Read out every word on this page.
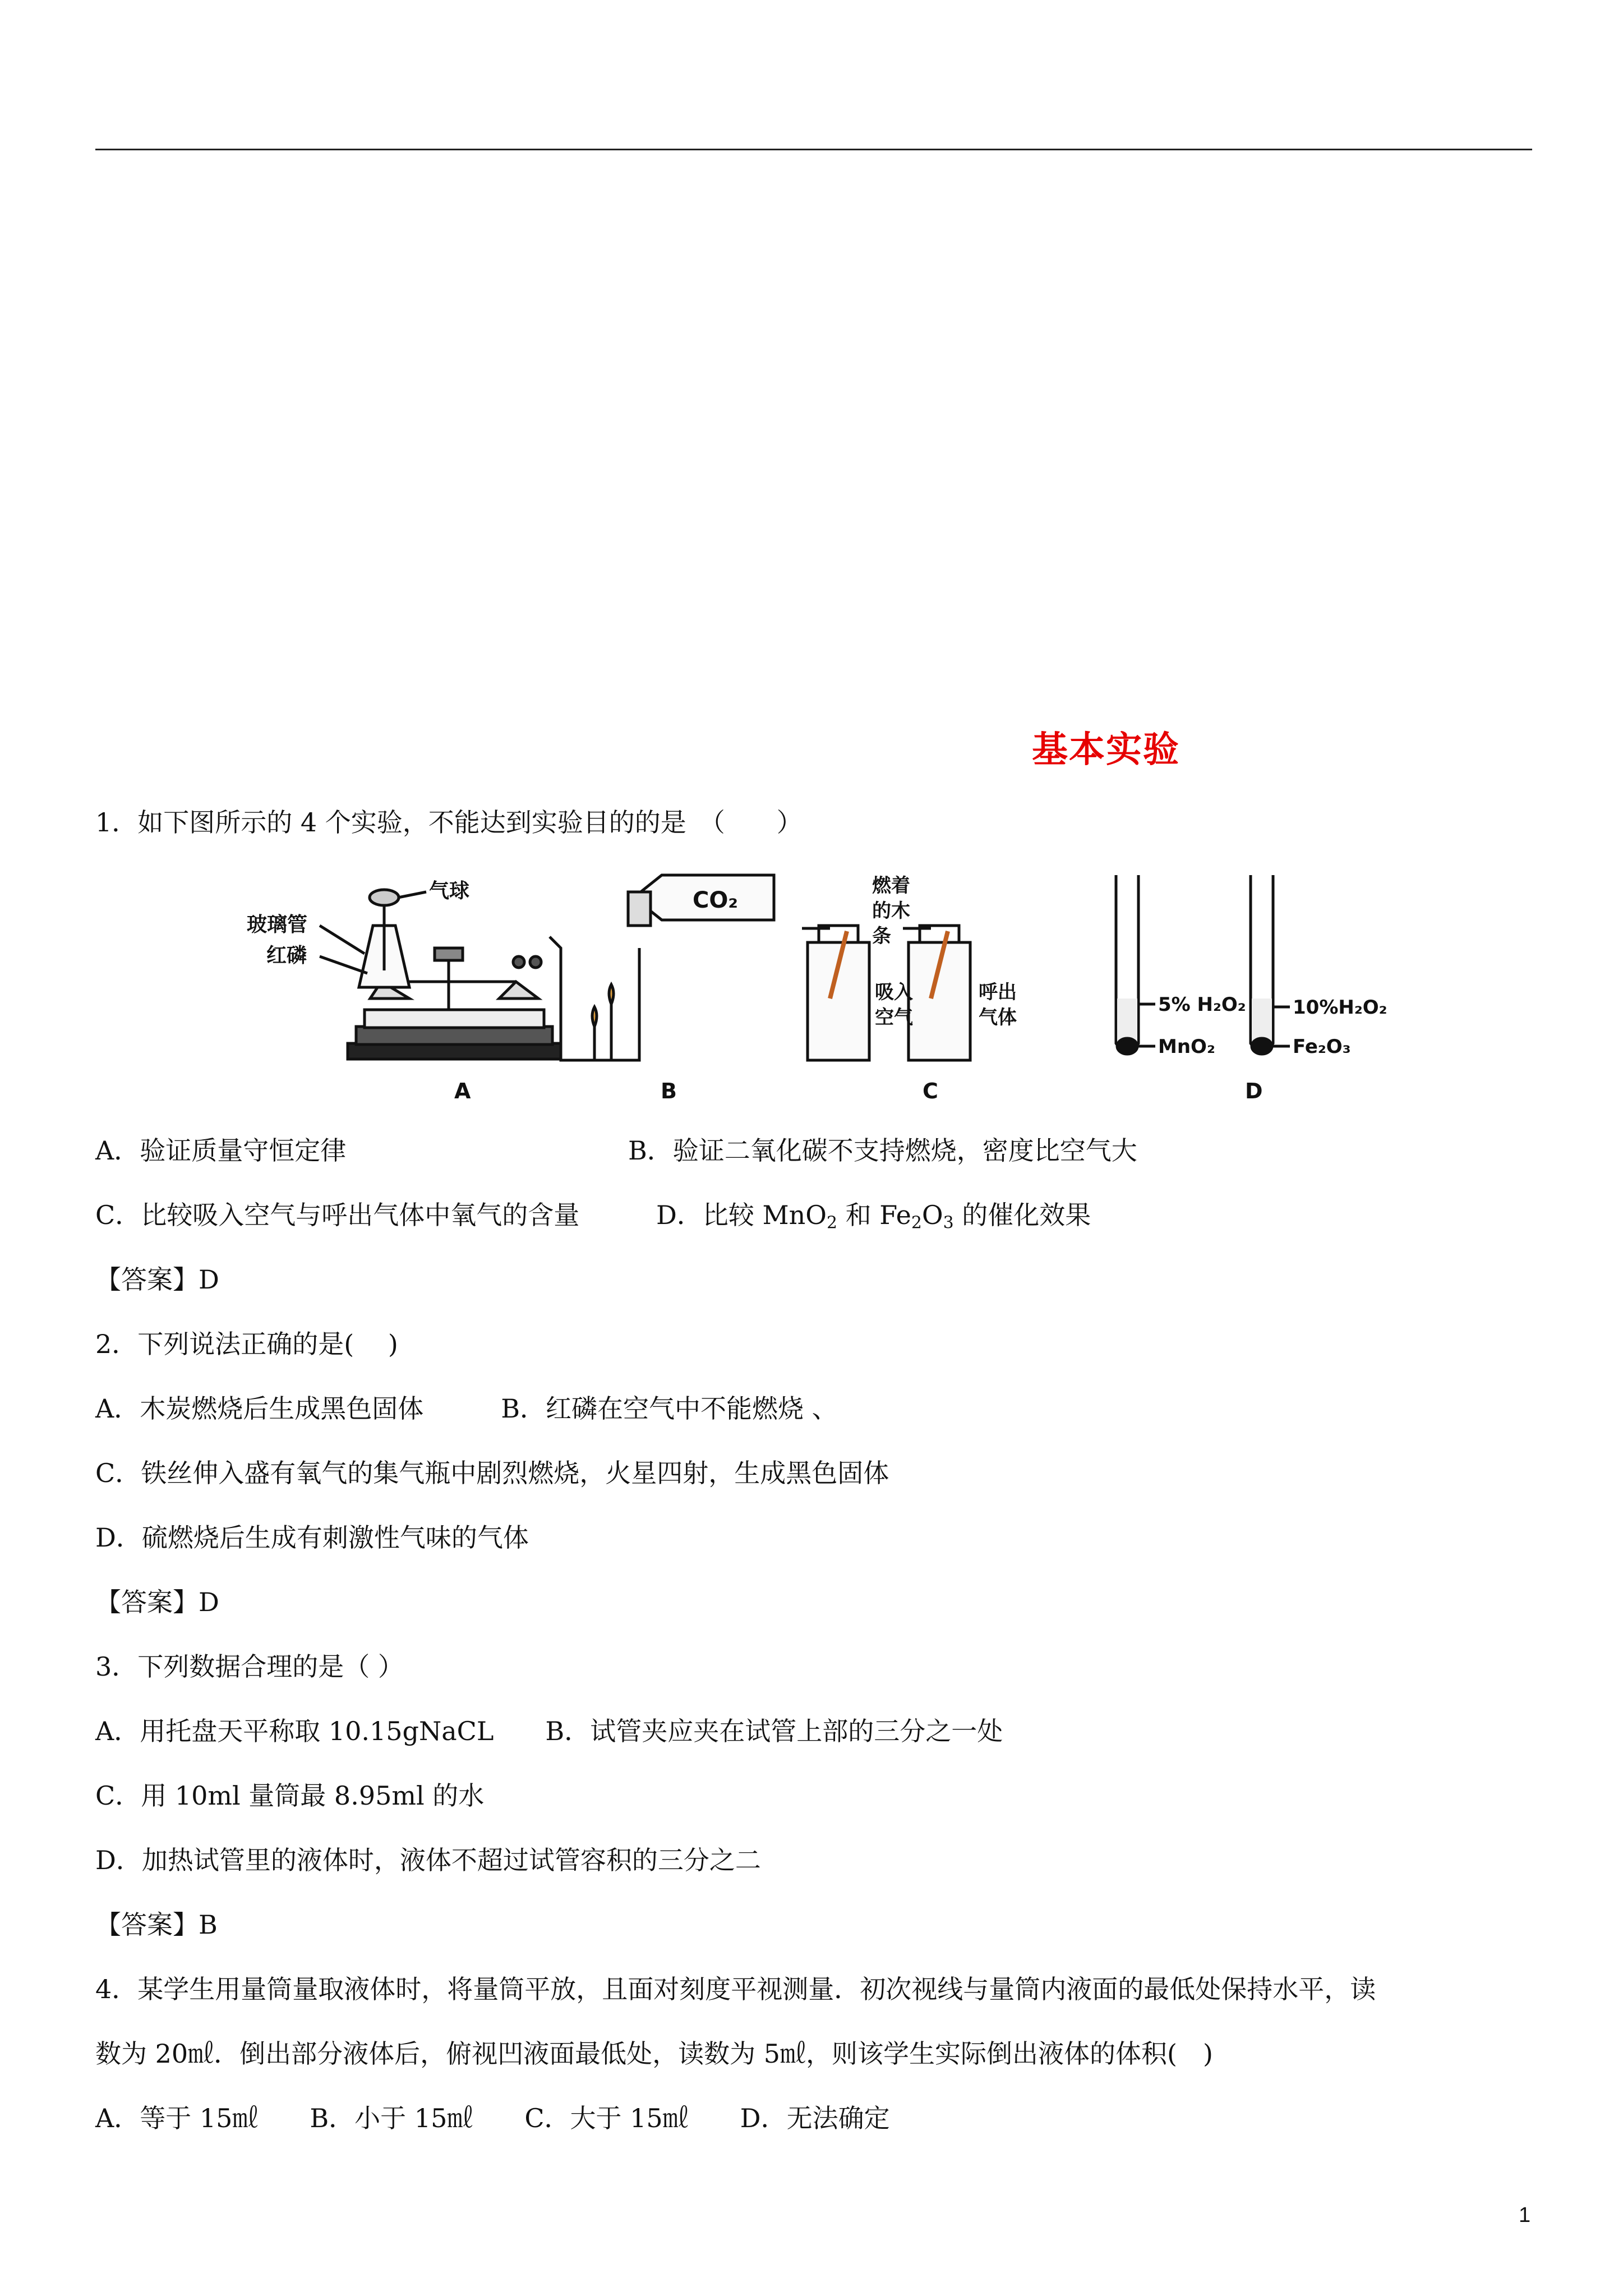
基本实验
1．如下图所示的 4 个实验，不能达到实验目的的是　（　　）
气球
玻璃管
红磷
A
CO₂
B
燃着
的木
条
吸入
空气
呼出
气体
C
5% H₂O₂
MnO₂
10%H₂O₂
Fe₂O₃
D
A．验证质量守恒定律	B．验证二氧化碳不支持燃烧，密度比空气大
C．比较吸入空气与呼出气体中氧气的含量	D．比较 MnO$_2$ 和 $Fe_2O_3$ 的催化效果
【答案】D
2．下列说法正确的是(　 )
A．木炭燃烧后生成黑色固体　　　B．红磷在空气中不能燃烧 、
C．铁丝伸入盛有氧气的集气瓶中剧烈燃烧，火星四射，生成黑色固体
D．硫燃烧后生成有刺激性气味的气体
【答案】D
3．下列数据合理的是（ ）
A．用托盘天平称取 10.15gNaCL　　B．试管夹应夹在试管上部的三分之一处
C．用 10ml 量筒最 8.95ml 的水
D．加热试管里的液体时，液体不超过试管容积的三分之二
【答案】B
4．某学生用量筒量取液体时，将量筒平放，且面对刻度平视测量．初次视线与量筒内液面的最低处保持水平，读
数为 20㎖．倒出部分液体后，俯视凹液面最低处，读数为 5㎖，则该学生实际倒出液体的体积(　)
A．等于 15㎖　　B．小于 15㎖　　C．大于 15㎖　　D．无法确定
1
